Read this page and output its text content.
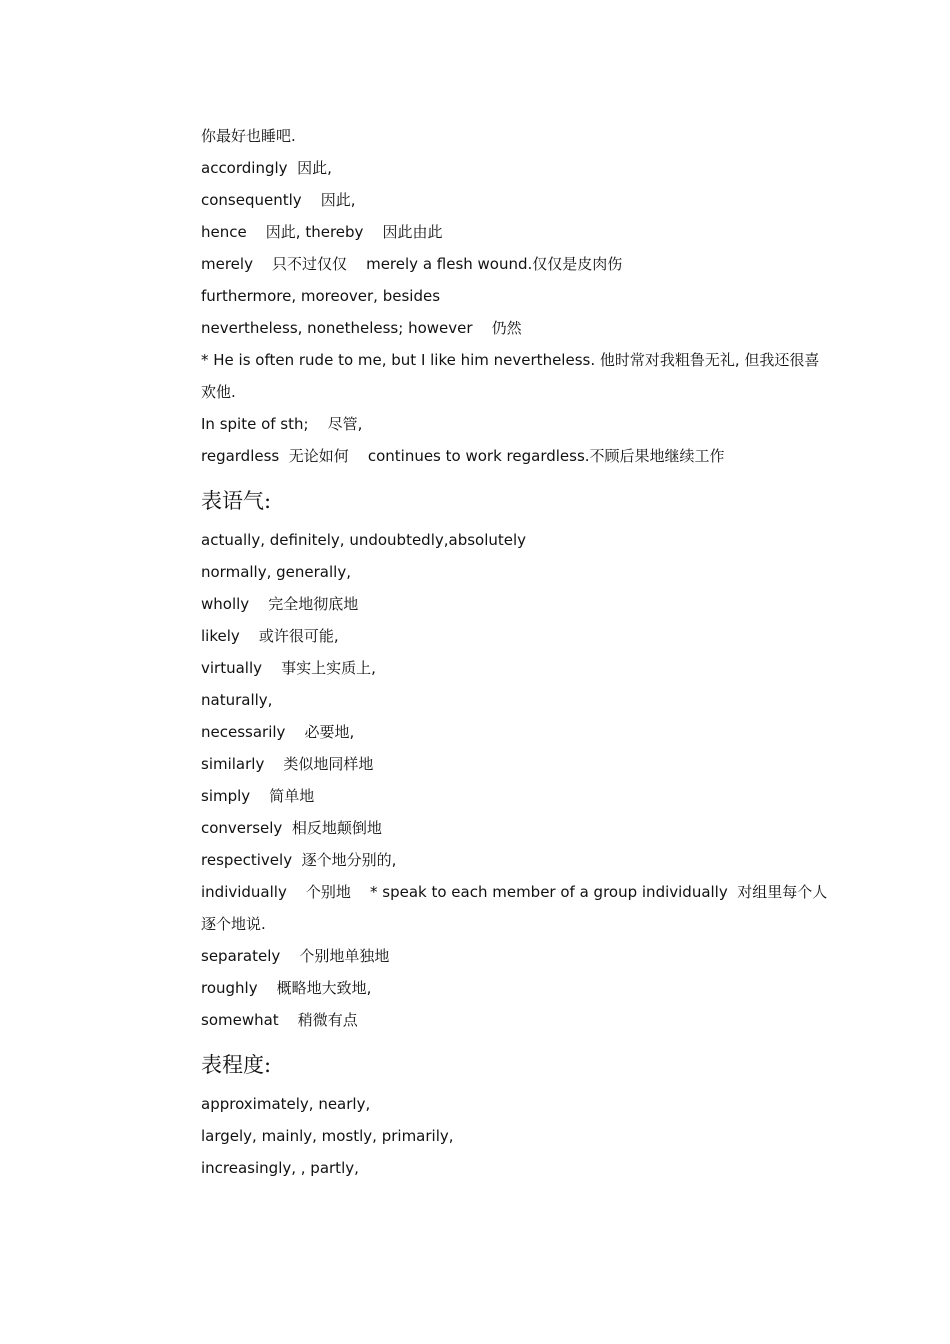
你最好也睡吧.
accordingly  因此,
consequently    因此,
hence    因此, thereby    因此由此
merely    只不过仅仅    merely a flesh wound.仅仅是皮肉伤
furthermore, moreover, besides
nevertheless, nonetheless; however    仍然
* He is often rude to me, but I like him nevertheless. 他时常对我粗鲁无礼, 但我还很喜
欢他.
In spite of sth;    尽管,
regardless  无论如何    continues to work regardless.不顾后果地继续工作
表语气:
actually, definitely, undoubtedly,absolutely
normally, generally,
wholly    完全地彻底地
likely    或许很可能,
virtually    事实上实质上,
naturally,
necessarily    必要地,
similarly    类似地同样地
simply    简单地
conversely  相反地颠倒地
respectively  逐个地分别的,
individually    个别地    * speak to each member of a group individually  对组里每个人
逐个地说.
separately    个别地单独地
roughly    概略地大致地,
somewhat    稍微有点
表程度:
approximately, nearly,
largely, mainly, mostly, primarily,
increasingly, , partly,
